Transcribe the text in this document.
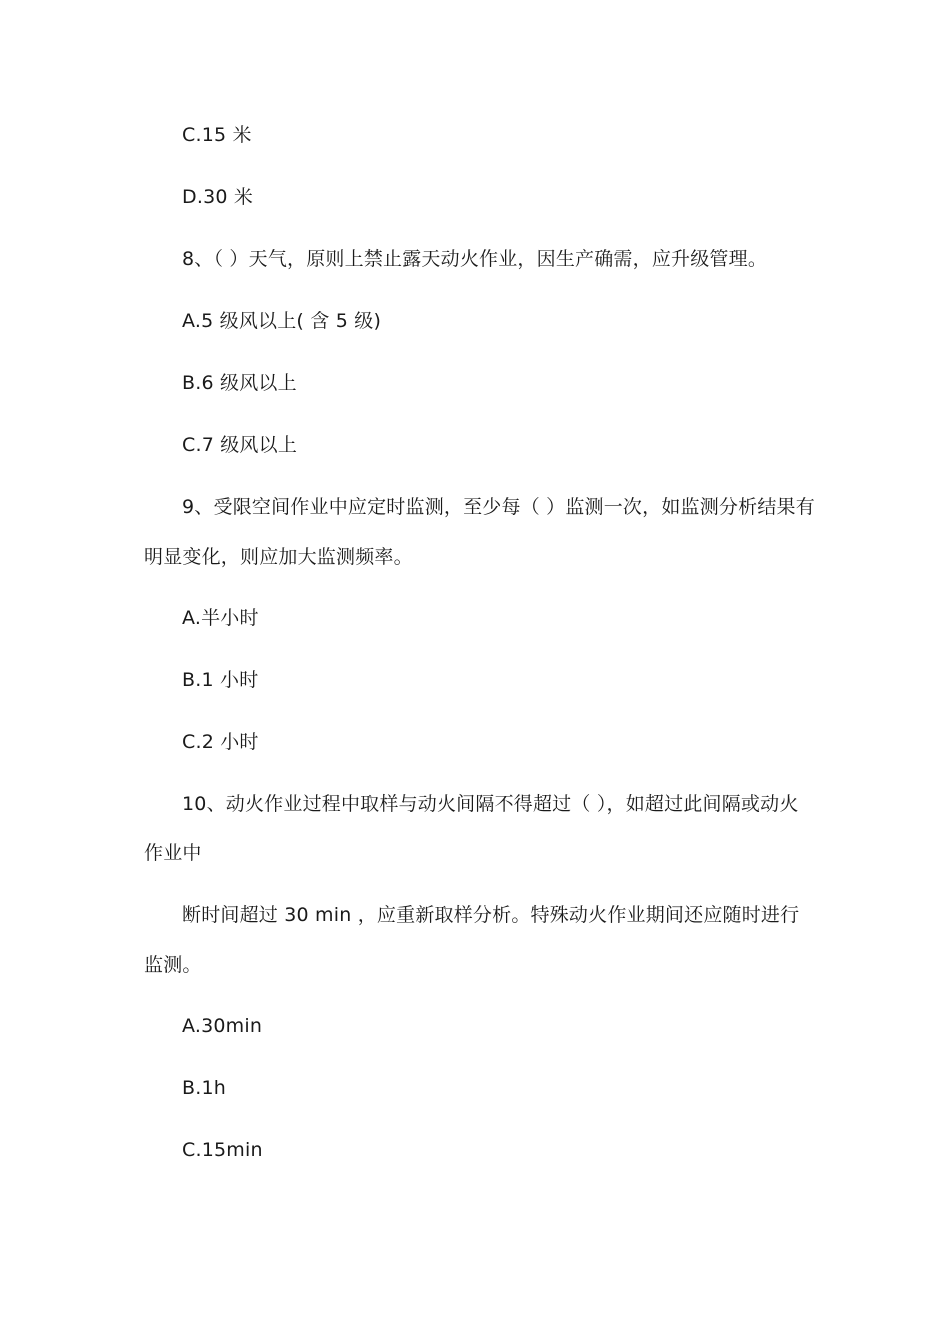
C.15 米
D.30 米
8、（ ）天气，原则上禁止露天动火作业，因生产确需，应升级管理。
A.5 级风以上( 含 5 级)
B.6 级风以上
C.7 级风以上
9、受限空间作业中应定时监测，至少每（ ）监测一次，如监测分析结果有
明显变化，则应加大监测频率。
A.半小时
B.1 小时
C.2 小时
10、动火作业过程中取样与动火间隔不得超过（ ），如超过此间隔或动火
作业中
断时间超过 30 min ，应重新取样分析。特殊动火作业期间还应随时进行
监测。
A.30min
B.1h
C.15min
